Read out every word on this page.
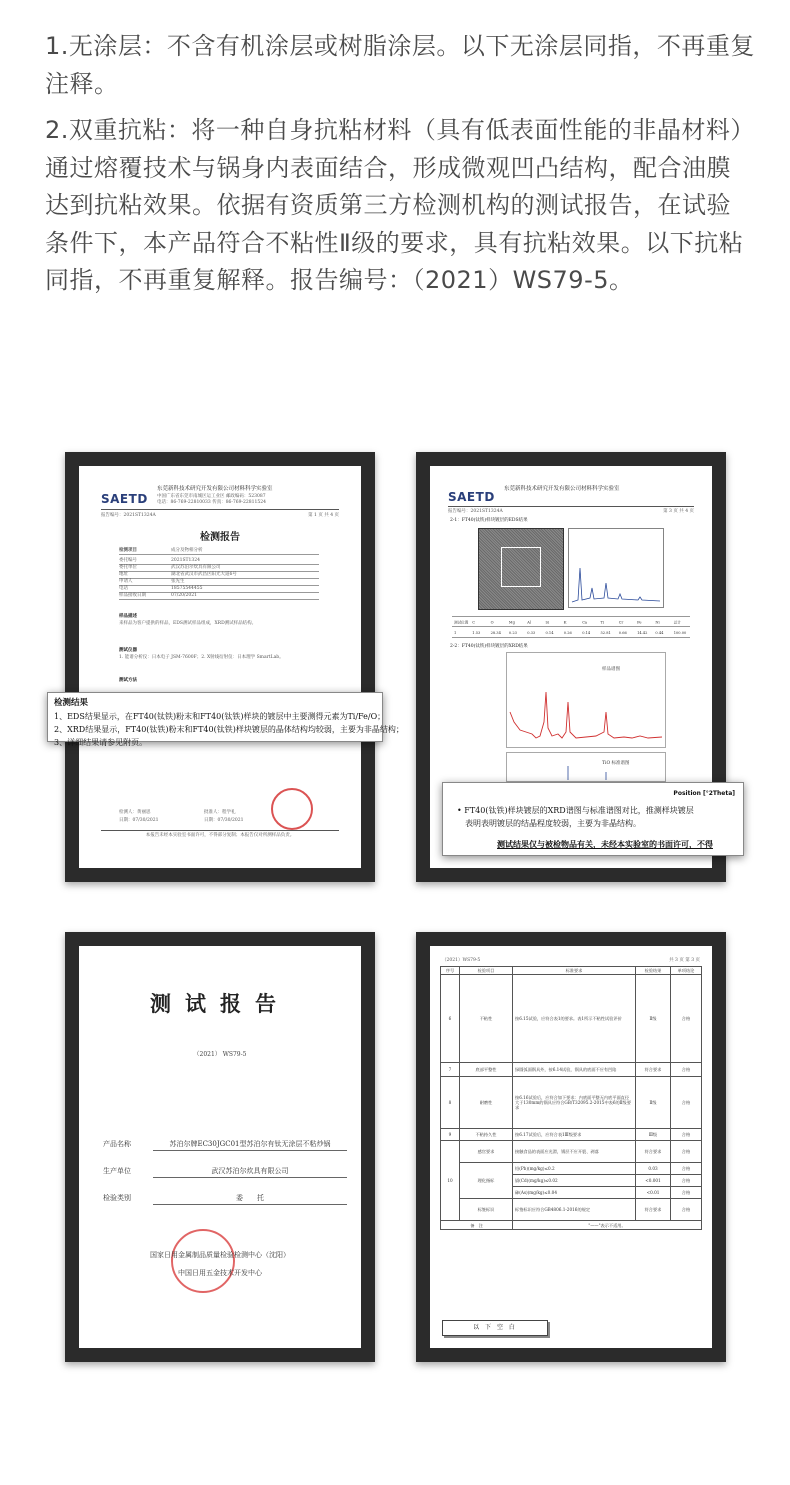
1.无涂层：不含有机涂层或树脂涂层。以下无涂层同指，不再重复注释。

2.双重抗粘：将一种自身抗粘材料（具有低表面性能的非晶材料）通过熔覆技术与锅身内表面结合，形成微观凹凸结构，配合油膜达到抗粘效果。依据有资质第三方检测机构的测试报告，在试验条件下，本产品符合不粘性Ⅱ级的要求，具有抗粘效果。以下抗粘同指，不再重复解释。报告编号：（2021）WS79-5。

SAETD
东莞新科技术研究开发有限公司材料科学实验室
中国广东省东莞市南城区运工业区 邮政编码：523087
电话：86-769-22810033 传真：86-769-22811524
报告编号：2021ST1324A	第 1 页 共 4 页
检测报告
检测项目	成分及物相分析
委托编号	2021ST1324
委托单位	武汉苏泊尔炊具有限公司
地址	湖北省武汉市武昌区阳光大道6号
申请人	张先生
电话	18575544455
样品接收日期	07/20/2021
样品描述
来样品为客户提供的样品，EDS测试样品组成，XRD测试样品结构。
测试仪器
1. 能谱分析仪：日本电子 JSM-7600F；2. X射线衍射仪：日本理学 SmartLab。
测试方法
检测人：黄丽思
日期：07/30/2021
批准人：程学礼
日期：07/30/2021
本报告未经本实验室书面许可，不得部分复制；本报告仅对所测样品负责。
检测结果
1、EDS结果显示，在FT40(钛铁)粉末和FT40(钛铁)样块的镀层中主要测得元素为Ti/Fe/O；
2、XRD结果显示，FT40(钛铁)粉末和FT40(钛铁)样块镀层的晶体结构均较弱，主要为非晶结构；
3、详细结果请参见附页。
SAETD
东莞新科技术研究开发有限公司材料科学实验室
报告编号：2021ST1324A	第 3 页 共 4 页
2-1：FT40(钛铁)样块镀层的EDS结果
测试位置 C	O	Mg	Al	Si	K	Ca	Ti	Cr	Fe	Ni	总计
1	1.53	28.34 0.23	0.33	0.14	0.26	0.14	52.81 0.66	14.42 0.44	100.00
2-2：FT40(钛铁)样块镀层的XRD结果
样品谱图
TiO 标准谱图
Position [°2Theta]
• FT40(钛铁)样块镀层的XRD谱图与标准谱图对比，推测样块镀层
表明表明镀层的结晶程度较弱，主要为非晶结构。
测试结果仅与被检物品有关，未经本实验室的书面许可，不得
测试报告
（2021） WS79-5
产品名称	苏泊尔牌EC30JGC01型苏泊尔有钛无涂层不粘炒锅
生产单位	武汉苏泊尔炊具有限公司
检验类别	委　　托
国家日用金属制品质量检验检测中心（沈阳）
中国日用五金技术开发中心
（2021）WS79-5	共 3 页 第 3 页
序号	检验项目	标准要求	检验结果	单项结论
6	不粘性	按6.15试验，应符合表1的要求。表1所示不粘性试验评价	Ⅱ级	合格
7	底部平整性	绿圆弧面锅具外，按6.14试验，锅具的底面不应有凹陷	符合要求	合格
8	耐磨性	按6.16试验后，应符合如下要求：内底面平整无内底平面直径大于130mm的锅具应符合GB/T32095.2-2015中表6的Ⅱ级要求	Ⅱ级	合格
9	不粘持久性	按6.17试验后，应符合表1Ⅲ级要求	Ⅲ级	合格
10	感官要求	接触食品的表面应光滑，锅层不应开裂、剥落	符合要求	合格
	理化指标	铅(Pb)(mg/kg)≤0.2	0.03	合格
		镉(Cd)(mg/kg)≤0.02	<0.001	合格
		砷(As)(mg/kg)≤0.04	<0.01	合格
	标签标识	标签标识应符合GB4806.1-2016的规定	符合要求	合格
备　注		"——"表示不适用。		
以 下 空 白
